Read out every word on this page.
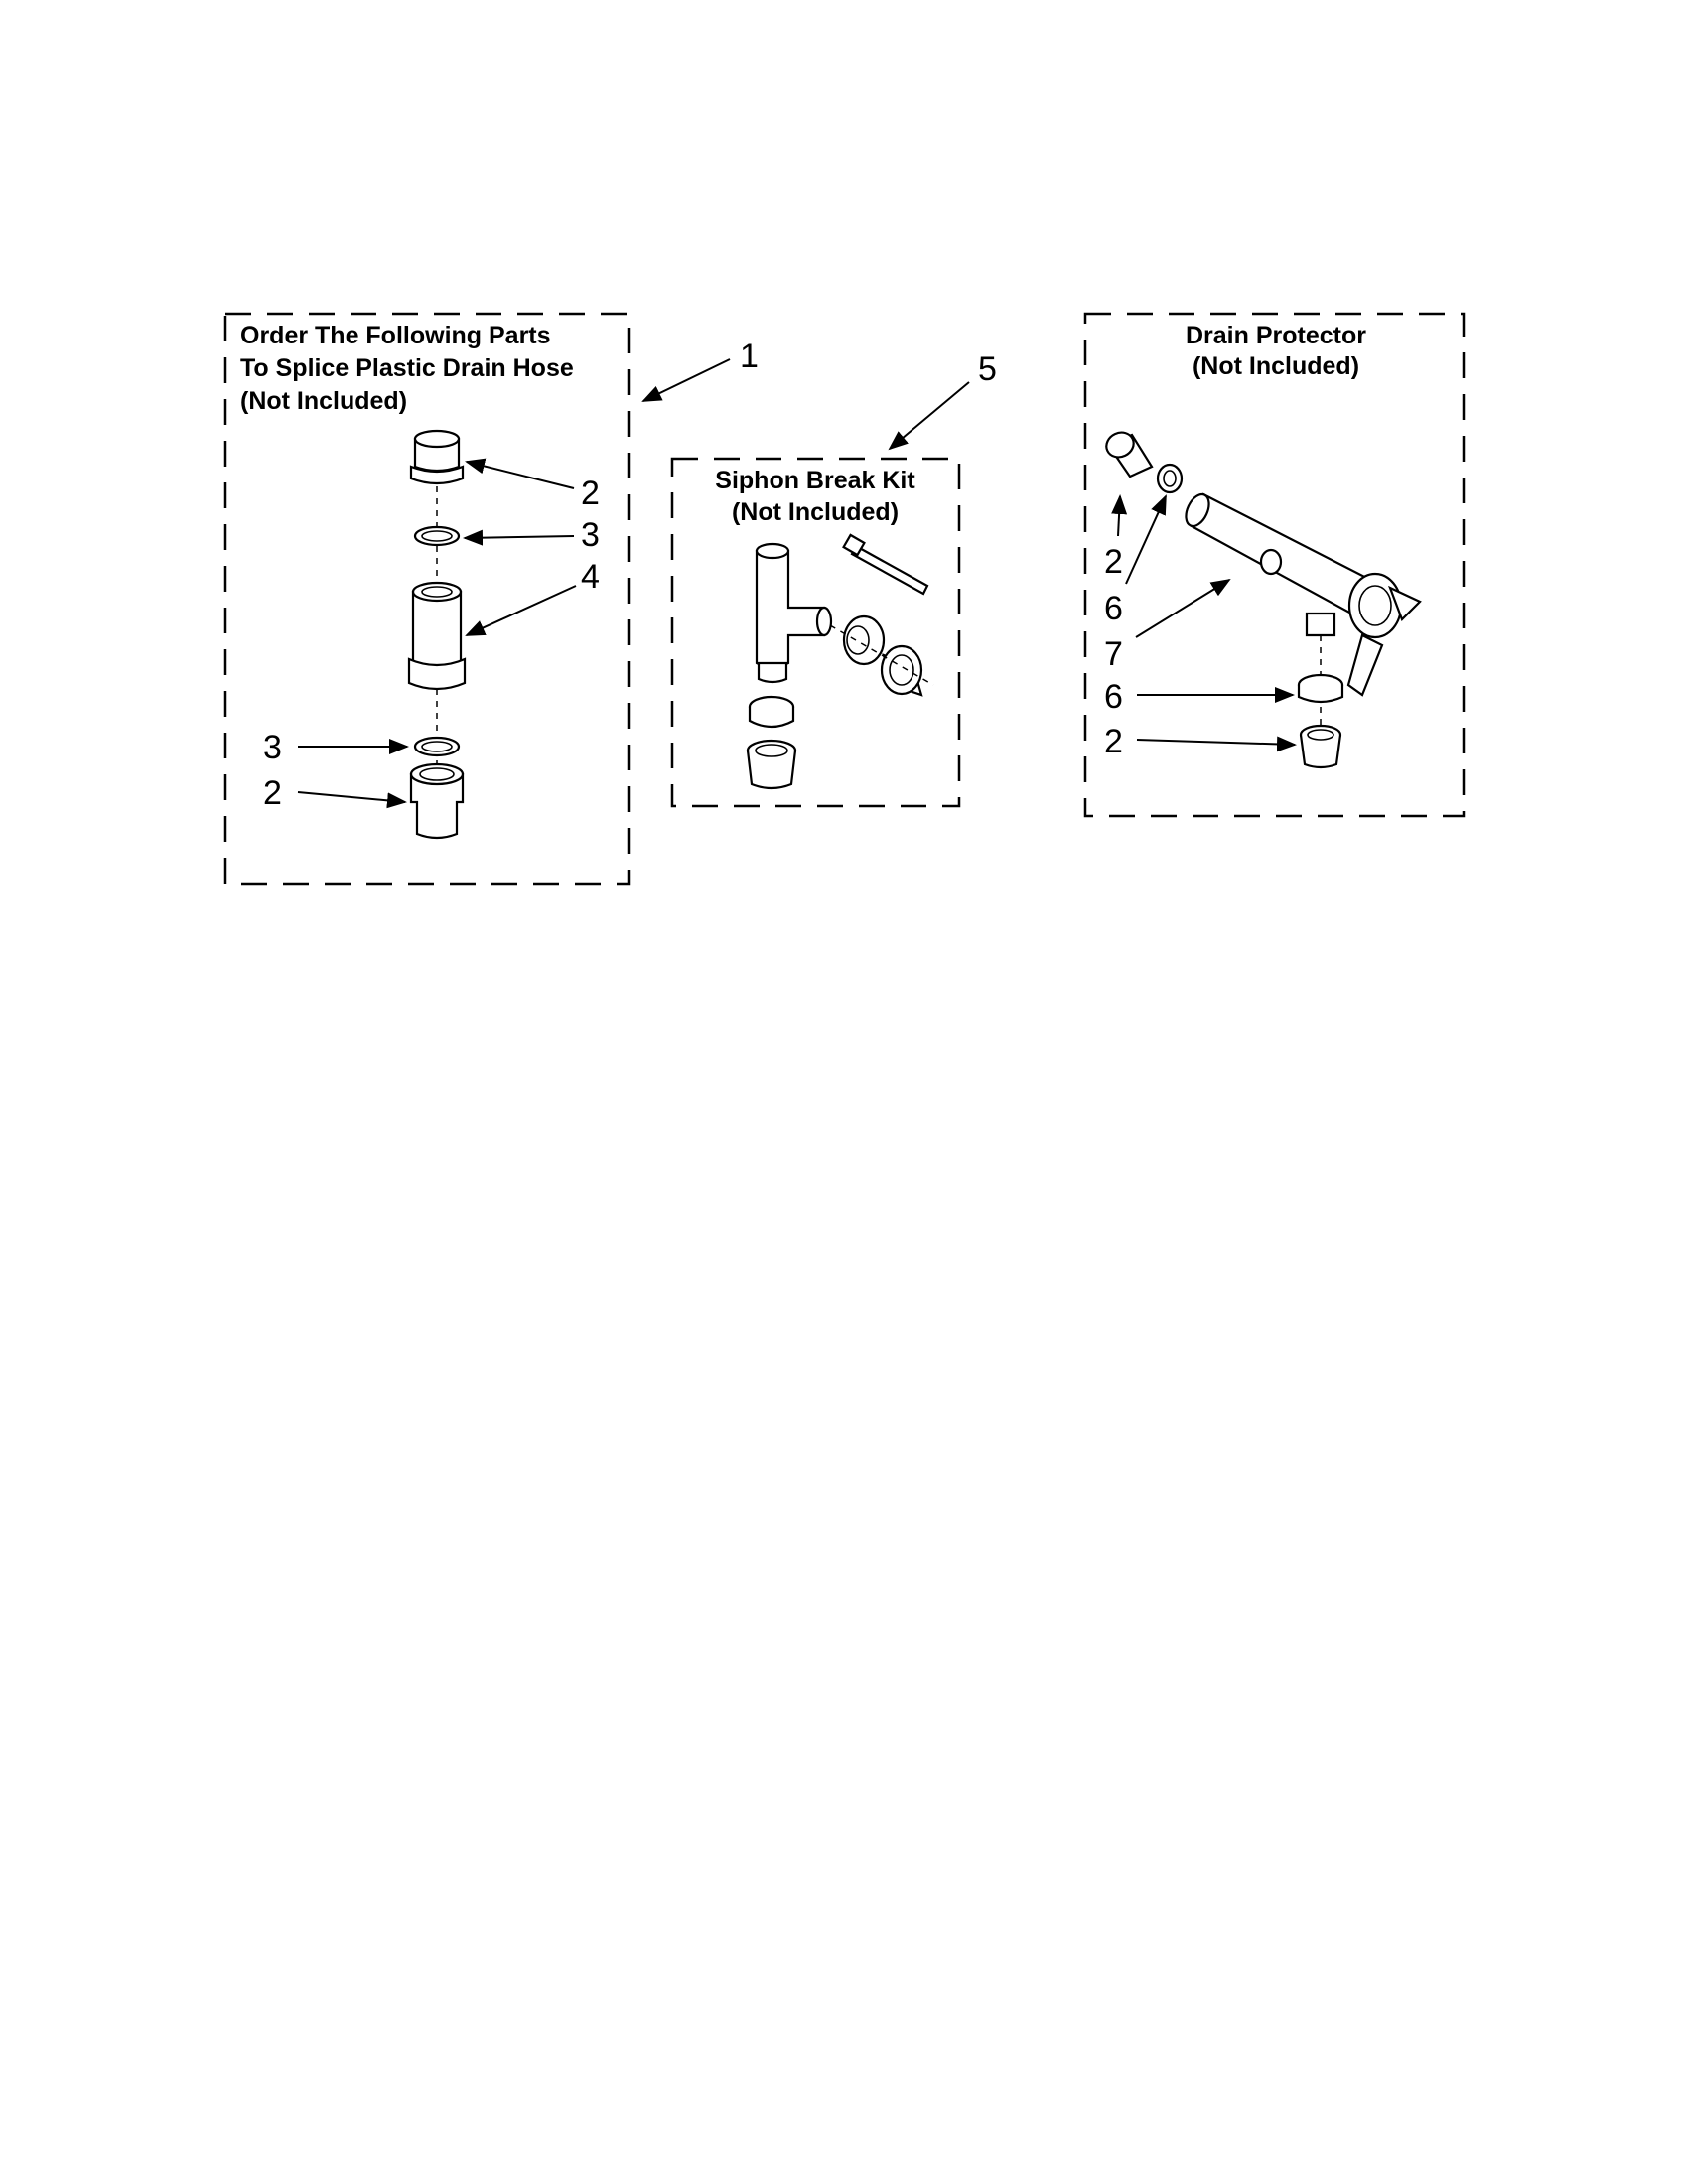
Order The Following Parts
To Splice Plastic Drain Hose
(Not Included)
1
2
3
4
3
2
Siphon Break Kit
(Not Included)
5
Drain Protector
(Not Included)
2
6
7
6
2
